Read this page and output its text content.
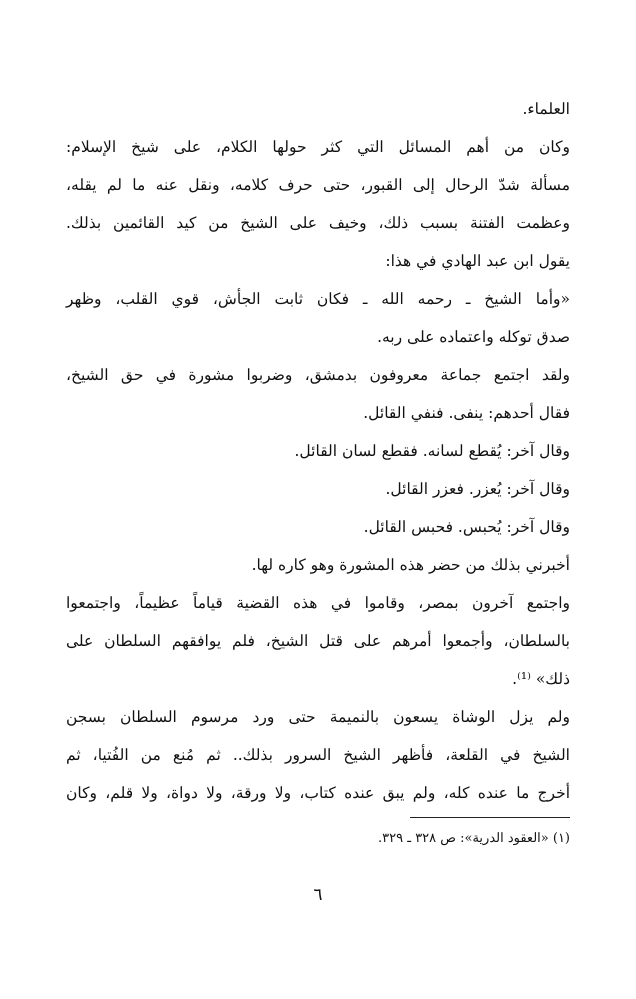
العلماء.
وكان من أهم المسائل التي كثر حولها الكلام، على شيخ الإسلام:
مسألة شدّ الرحال إلى القبور، حتى حرف كلامه، ونقل عنه ما لم يقله،
وعظمت الفتنة بسبب ذلك، وخيف على الشيخ من كيد القائمين بذلك.
يقول ابن عبد الهادي في هذا:
«وأما الشيخ ـ رحمه الله ـ فكان ثابت الجأش، قوي القلب، وظهر
صدق توكله واعتماده على ربه.
ولقد اجتمع جماعة معروفون بدمشق، وضربوا مشورة في حق الشيخ،
فقال أحدهم: ينفى. فنفي القائل.
وقال آخر: يُقطع لسانه. فقطع لسان القائل.
وقال آخر: يُعزر. فعزر القائل.
وقال آخر: يُحبس. فحبس القائل.
أخبرني بذلك من حضر هذه المشورة وهو كاره لها.
واجتمع آخرون بمصر، وقاموا في هذه القضية قياماً عظيماً، واجتمعوا
بالسلطان، وأجمعوا أمرهم على قتل الشيخ، فلم يوافقهم السلطان على
ذلك» ⁽¹⁾.
ولم يزل الوشاة يسعون بالنميمة حتى ورد مرسوم السلطان بسجن
الشيخ في القلعة، فأظهر الشيخ السرور بذلك.. ثم مُنع من الفُتيا، ثم
أخرج ما عنده كله، ولم يبق عنده كتاب، ولا ورقة، ولا دواة، ولا قلم، وكان
(١) «العقود الدرية»: ص ٣٢٨ ـ ٣٢٩.
٦
